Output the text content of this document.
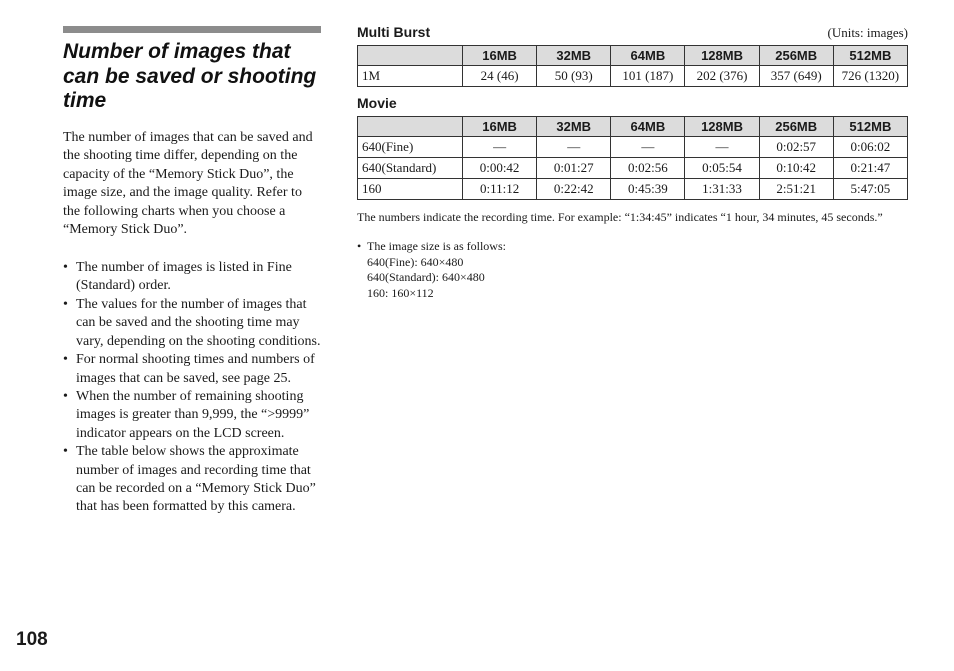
Number of images that can be saved or shooting time

The number of images that can be saved and the shooting time differ, depending on the capacity of the “Memory Stick Duo”, the image size, and the image quality. Refer to the following charts when you choose a “Memory Stick Duo”.

• The number of images is listed in Fine (Standard) order.
• The values for the number of images that can be saved and the shooting time may vary, depending on the shooting conditions.
• For normal shooting times and numbers of images that can be saved, see page 25.
• When the number of remaining shooting images is greater than 9,999, the “>9999” indicator appears on the LCD screen.
• The table below shows the approximate number of images and recording time that can be recorded on a “Memory Stick Duo” that has been formatted by this camera.
Multi Burst	(Units: images)
	16MB	32MB	64MB	128MB	256MB	512MB
1M	24 (46)	50 (93)	101 (187)	202 (376)	357 (649)	726 (1320)
Movie
	16MB	32MB	64MB	128MB	256MB	512MB
640(Fine)	—	—	—	—	0:02:57	0:06:02
640(Standard)	0:00:42	0:01:27	0:02:56	0:05:54	0:10:42	0:21:47
160	0:11:12	0:22:42	0:45:39	1:31:33	2:51:21	5:47:05

The numbers indicate the recording time. For example: “1:34:45” indicates “1 hour, 34 minutes, 45 seconds.”

• The image size is as follows:
640(Fine): 640×480
640(Standard): 640×480
160: 160×112
108
